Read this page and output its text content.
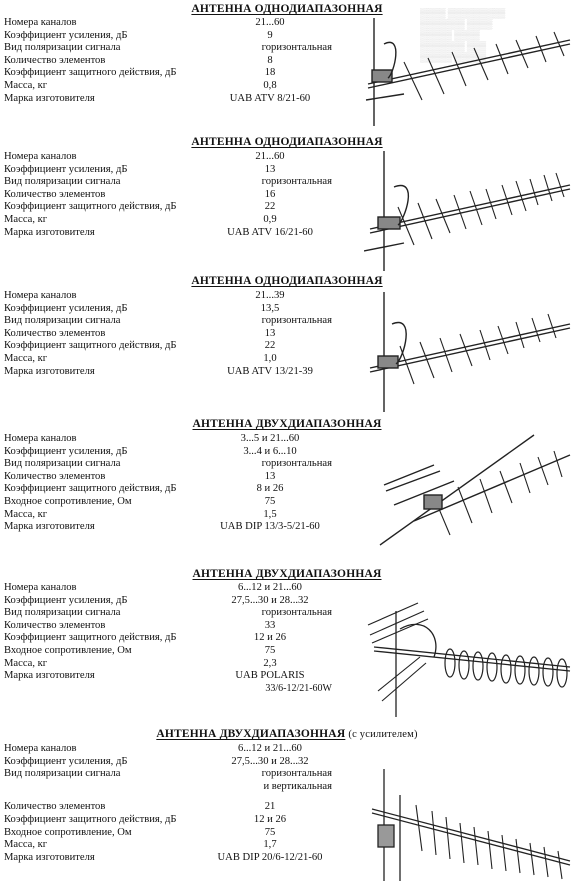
▒▒▒▒ ▒▒▒▒▒▒▒▒▒
▒▒▒▒▒▒▒ ▒▒▒▒
▒▒▒▒▒ ▒▒▒▒
▒▒▒▒▒▒▒ ▒▒▒
▒▒▒▒▒ ▒▒▒▒▒
АНТЕННА ОДНОДИАПАЗОННАЯ
Номера каналов	21...60
Коэффициент усиления, дБ	9
Вид поляризации сигнала	горизонтальная
Количество элементов	8
Коэффициент защитного действия, дБ	18
Масса, кг	0,8
Марка изготовителя	UAB ATV 8/21-60
АНТЕННА ОДНОДИАПАЗОННАЯ
Номера каналов	21...60
Коэффициент усиления, дБ	13
Вид поляризации сигнала	горизонтальная
Количество элементов	16
Коэффициент защитного действия, дБ	22
Масса, кг	0,9
Марка изготовителя	UAB ATV 16/21-60
АНТЕННА ОДНОДИАПАЗОННАЯ
Номера каналов	21...39
Коэффициент усиления, дБ	13,5
Вид поляризации сигнала	горизонтальная
Количество элементов	13
Коэффициент защитного действия, дБ	22
Масса, кг	1,0
Марка изготовителя	UAB ATV 13/21-39
АНТЕННА ДВУХДИАПАЗОННАЯ
Номера каналов	3...5 и 21...60
Коэффициент усиления, дБ	3...4 и 6...10
Вид поляризации сигнала	горизонтальная
Количество элементов	13
Коэффициент защитного действия, дБ	8 и 26
Входное сопротивление, Ом	75
Масса, кг	1,5
Марка изготовителя	UAB DIP 13/3-5/21-60
АНТЕННА ДВУХДИАПАЗОННАЯ
Номера каналов	6...12 и 21...60
Коэффициент усиления, дБ	27,5...30 и 28...32
Вид поляризации сигнала	горизонтальная
Количество элементов	33
Коэффициент защитного действия, дБ	12 и 26
Входное сопротивление, Ом	75
Масса, кг	2,3
Марка изготовителя	UAB POLARIS
33/6-12/21-60W
АНТЕННА ДВУХДИАПАЗОННАЯ (с усилителем)
Номера каналов	6...12 и 21...60
Коэффициент усиления, дБ	27,5...30 и 28...32
Вид поляризации сигнала	горизонтальная
и вертикальная
Количество элементов	21
Коэффициент защитного действия, дБ	12 и 26
Входное сопротивление, Ом	75
Масса, кг	1,7
Марка изготовителя	UAB DIP 20/6-12/21-60
